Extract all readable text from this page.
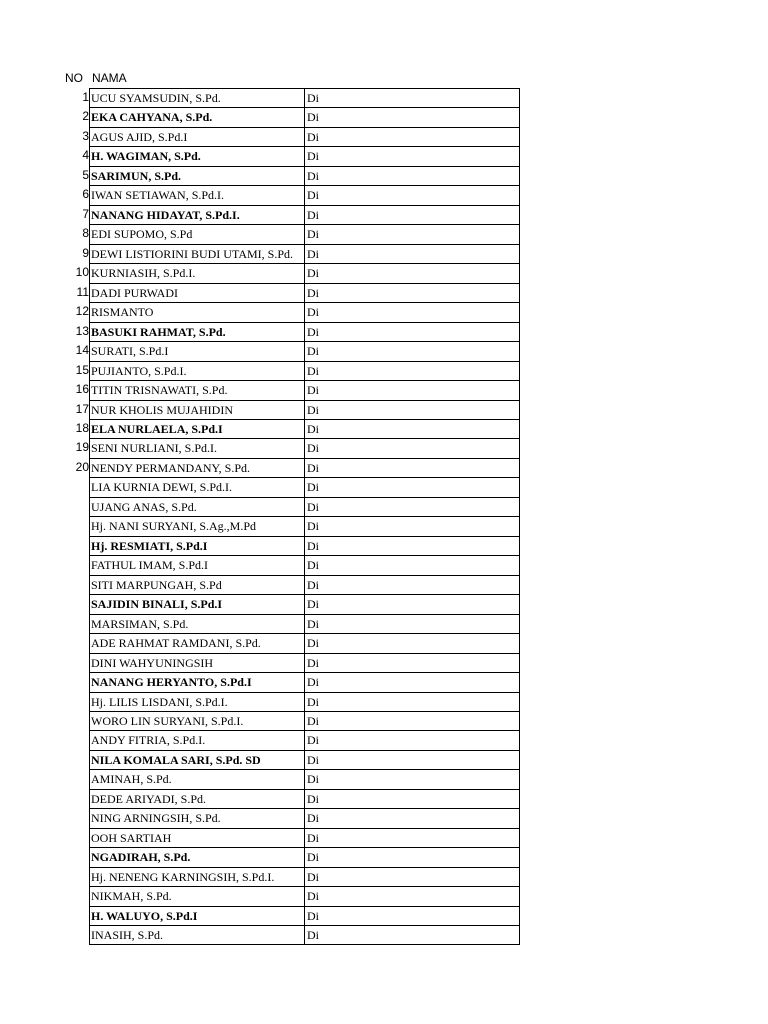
NO NAMA
1 UCU SYAMSUDIN, S.Pd.	Di
2 EKA CAHYANA, S.Pd.	Di
3 AGUS AJID, S.Pd.I	Di
4 H. WAGIMAN, S.Pd.	Di
5 SARIMUN, S.Pd.	Di
6 IWAN SETIAWAN, S.Pd.I.	Di
7 NANANG HIDAYAT, S.Pd.I.	Di
8 EDI SUPOMO, S.Pd	Di
9 DEWI LISTIORINI BUDI UTAMI, S.Pd.	Di
10 KURNIASIH, S.Pd.I.	Di
11 DADI PURWADI	Di
12 RISMANTO	Di
13 BASUKI RAHMAT, S.Pd.	Di
14 SURATI, S.Pd.I	Di
15 PUJIANTO, S.Pd.I.	Di
16 TITIN TRISNAWATI, S.Pd.	Di
17 NUR KHOLIS MUJAHIDIN	Di
18 ELA NURLAELA, S.Pd.I	Di
19 SENI NURLIANI, S.Pd.I.	Di
20 NENDY PERMANDANY, S.Pd.	Di
LIA KURNIA DEWI, S.Pd.I.	Di
UJANG ANAS, S.Pd.	Di
Hj. NANI SURYANI, S.Ag.,M.Pd	Di
Hj. RESMIATI, S.Pd.I	Di
FATHUL IMAM, S.Pd.I	Di
SITI MARPUNGAH, S.Pd	Di
SAJIDIN BINALI, S.Pd.I	Di
MARSIMAN, S.Pd.	Di
ADE RAHMAT RAMDANI, S.Pd.	Di
DINI WAHYUNINGSIH	Di
NANANG HERYANTO, S.Pd.I	Di
Hj. LILIS LISDANI, S.Pd.I.	Di
WORO LIN SURYANI, S.Pd.I.	Di
ANDY FITRIA, S.Pd.I.	Di
NILA KOMALA SARI, S.Pd. SD	Di
AMINAH, S.Pd.	Di
DEDE ARIYADI, S.Pd.	Di
NING ARNINGSIH, S.Pd.	Di
OOH SARTIAH	Di
NGADIRAH, S.Pd.	Di
Hj. NENENG KARNINGSIH, S.Pd.I.	Di
NIKMAH, S.Pd.	Di
H. WALUYO, S.Pd.I	Di
INASIH, S.Pd.	Di
